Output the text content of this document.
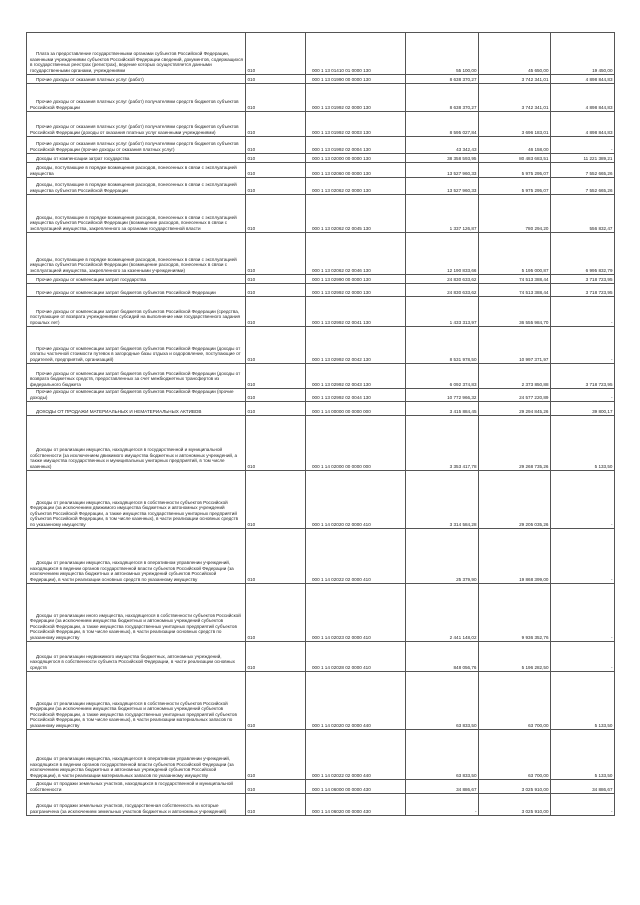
Плата за предоставление государственными органами субъектов Российской Федерации, казенными учреждениями субъектов Российской Федерации сведений, документов, содержащихся в государственных реестрах (регистрах), ведение которых осуществляется данными государственными органами, учреждениями	010	000 1 13 01410 01 0000 130	55 100,00	45 650,00	19 450,00
Прочие доходы от оказания платных услуг (работ)	010	000 1 13 01990 00 0000 130	8 638 370,27	3 742 341,01	4 898 844,83
Прочие доходы от оказания платных услуг (работ) получателями средств бюджетов субъектов Российской Федерации	010	000 1 13 01992 02 0000 130	8 638 370,27	3 742 341,01	4 898 844,83
Прочие доходы от оказания платных услуг (работ) получателями средств бюджетов субъектов Российской Федерации (доходы от оказания платных услуг казенными учреждениями)	010	000 1 13 01992 02 0003 130	8 595 027,84	3 696 183,01	4 898 844,83
Прочие доходы от оказания платных услуг (работ) получателями средств бюджетов субъектов Российской Федерации (прочие доходы от оказания платных услуг)	010	000 1 13 01992 02 0004 130	43 342,43	46 158,00	-
Доходы от компенсации затрат государства	010	000 1 13 02000 00 0000 130	38 358 593,95	80 483 683,51	11 221 389,21
Доходы, поступающие в порядке возмещения расходов, понесенных в связи с эксплуатацией имущества	010	000 1 13 02060 00 0000 130	13 527 960,33	5 975 295,07	7 552 665,26
Доходы, поступающие в порядке возмещения расходов, понесенных в связи с эксплуатацией имущества субъектов Российской Федерации	010	000 1 13 02062 02 0000 130	13 527 960,33	5 975 295,07	7 552 665,26
Доходы, поступающие в порядке возмещения расходов, понесенных в связи с эксплуатацией имущества субъектов Российской Федерации (возмещение расходов, понесенных в связи с эксплуатацией имущества, закрепленного за органами государственной власти	010	000 1 13 02062 02 0045 130	1 337 126,87	780 294,20	556 832,47
Доходы, поступающие в порядке возмещения расходов, понесенных в связи с эксплуатацией имущества субъектов Российской Федерации (возмещение расходов, понесенных в связи с эксплуатацией имущества, закрепленного за казенными учреждениями)	010	000 1 13 02062 02 0046 130	12 190 833,66	5 195 000,87	6 995 832,79
Прочие доходы от компенсации затрат государства	010	000 1 13 02990 00 0000 130	24 830 633,62	74 513 388,44	3 718 723,95
Прочие доходы от компенсации затрат бюджетов субъектов Российской Федерации	010	000 1 13 02992 02 0000 130	24 830 633,62	74 513 388,44	3 718 723,95
Прочие доходы от компенсации затрат бюджетов субъектов Российской Федерации (средства, поступающие от возврата учреждениями субсидий на выполнение ими государственного задания прошлых лет)	010	000 1 13 02992 02 0041 130	1 433 313,97	36 555 984,70	-
Прочие доходы от компенсации затрат бюджетов субъектов Российской Федерации (доходы от оплаты частичной стоимости путевок в загородные базы отдыха и оздоровление, поступающие от родителей, предприятий, организаций)	010	000 1 13 02992 02 0042 130	8 531 978,50	10 997 371,97	-
Прочие доходы от компенсации затрат бюджетов субъектов Российской Федерации (доходы от возврата бюджетных средств, предоставленных за счет межбюджетных трансфертов из федерального бюджета	010	000 1 13 02992 02 0043 130	6 092 374,83	2 373 850,88	3 718 723,95
Прочие доходы от компенсации затрат бюджетов субъектов Российской Федерации (прочие доходы)	010	000 1 13 02992 02 0044 130	10 772 966,32	24 577 220,89	-
ДОХОДЫ ОТ ПРОДАЖИ МАТЕРИАЛЬНЫХ И НЕМАТЕРИАЛЬНЫХ АКТИВОВ	010	000 1 14 00000 00 0000 000	3 415 884,45	29 294 845,26	39 800,17
Доходы от реализации имущества, находящегося в государственной и муниципальной собственности (за исключением движимого имущества бюджетных и автономных учреждений, а также имущества государственных и муниципальных унитарных предприятий, в том числе казенных)	010	000 1 14 02000 00 0000 000	3 353 417,78	29 268 735,26	5 133,50
Доходы от реализации имущества, находящегося в собственности субъектов Российской Федерации (за исключением движимого имущества бюджетных и автономных учреждений субъектов Российской Федерации, а также имущества государственных унитарных предприятий субъектов Российской Федерации, в том числе казенных), в части реализации основных средств по указанному имуществу	010	000 1 14 02020 02 0000 410	3 314 584,28	29 205 035,26	-
Доходы от реализации имущества, находящегося в оперативном управлении учреждений, находящихся в ведении органов государственной власти субъектов Российской Федерации (за исключением имущества бюджетных и автономных учреждений субъектов Российской Федерации), в части реализации основных средств по указанному имуществу	010	000 1 14 02022 02 0000 410	25 379,90	19 868 399,00	-
Доходы от реализации иного имущества, находящегося в собственности субъектов Российской Федерации (за исключением имущества бюджетных и автономных учреждений субъектов Российской Федерации, а также имущества государственных унитарных предприятий субъектов Российской Федерации, в том числе казенных), в части реализации основных средств по указанному имуществу	010	000 1 14 02023 02 0000 410	2 441 148,02	9 936 352,76	-
Доходы от реализации недвижимого имущества бюджетных, автономных учреждений, находящегося в собственности субъекта Российской Федерации, в части реализации основных средств	010	000 1 14 02028 02 0000 410	848 056,76	5 196 282,50	-
Доходы от реализации имущества, находящегося в собственности субъектов Российской Федерации (за исключением имущества бюджетных и автономных учреждений субъектов Российской Федерации, а также имущества государственных унитарных предприятий субъектов Российской Федерации, в том числе казенных), в части реализации материальных запасов по указанному имуществу	010	000 1 14 02020 02 0000 440	63 833,50	63 700,00	5 133,50
Доходы от реализации имущества, находящегося в оперативном управлении учреждений, находящихся в ведении органов государственной власти субъектов Российской Федерации (за исключением имущества бюджетных и автономных учреждений субъектов Российской Федерации), в части реализации материальных запасов по указанному имуществу	010	000 1 14 02022 02 0000 440	63 833,50	63 700,00	5 133,50
Доходы от продажи земельных участков, находящихся в государственной и муниципальной собственности	010	000 1 14 06000 00 0000 430	34 886,67	3 025 910,00	34 886,67
Доходы от продажи земельных участков, государственная собственность на которые разграничена (за исключением земельных участков бюджетных и автономных учреждений)	010	000 1 14 06020 00 0000 430	-	3 025 910,00	-
